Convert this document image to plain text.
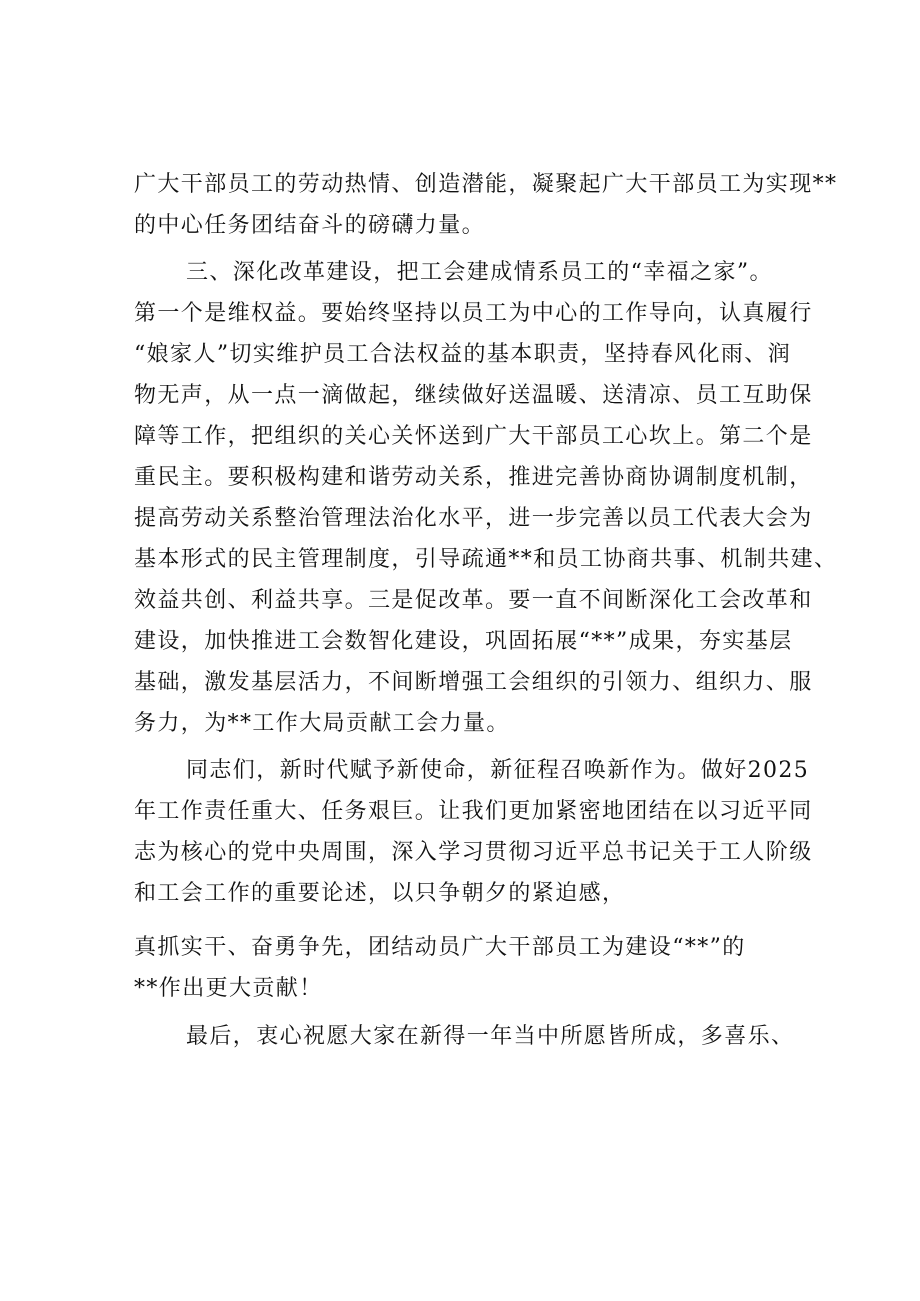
广大干部员工的劳动热情、创造潜能，凝聚起广大干部员工为实现**
的中心任务团结奋斗的磅礴力量。
三、深化改革建设，把工会建成情系员工的“幸福之家”。
第一个是维权益。要始终坚持以员工为中心的工作导向，认真履行
“娘家人”切实维护员工合法权益的基本职责，坚持春风化雨、润
物无声，从一点一滴做起，继续做好送温暖、送清凉、员工互助保
障等工作，把组织的关心关怀送到广大干部员工心坎上。第二个是
重民主。要积极构建和谐劳动关系，推进完善协商协调制度机制，
提高劳动关系整治管理法治化水平，进一步完善以员工代表大会为
基本形式的民主管理制度，引导疏通**和员工协商共事、机制共建、
效益共创、利益共享。三是促改革。要一直不间断深化工会改革和
建设，加快推进工会数智化建设，巩固拓展“**”成果，夯实基层
基础，激发基层活力，不间断增强工会组织的引领力、组织力、服
务力，为**工作大局贡献工会力量。
同志们，新时代赋予新使命，新征程召唤新作为。做好2025
年工作责任重大、任务艰巨。让我们更加紧密地团结在以习近平同
志为核心的党中央周围，深入学习贯彻习近平总书记关于工人阶级
和工会工作的重要论述，以只争朝夕的紧迫感，
真抓实干、奋勇争先，团结动员广大干部员工为建设“**”的
**作出更大贡献！
最后，衷心祝愿大家在新得一年当中所愿皆所成，多喜乐、
